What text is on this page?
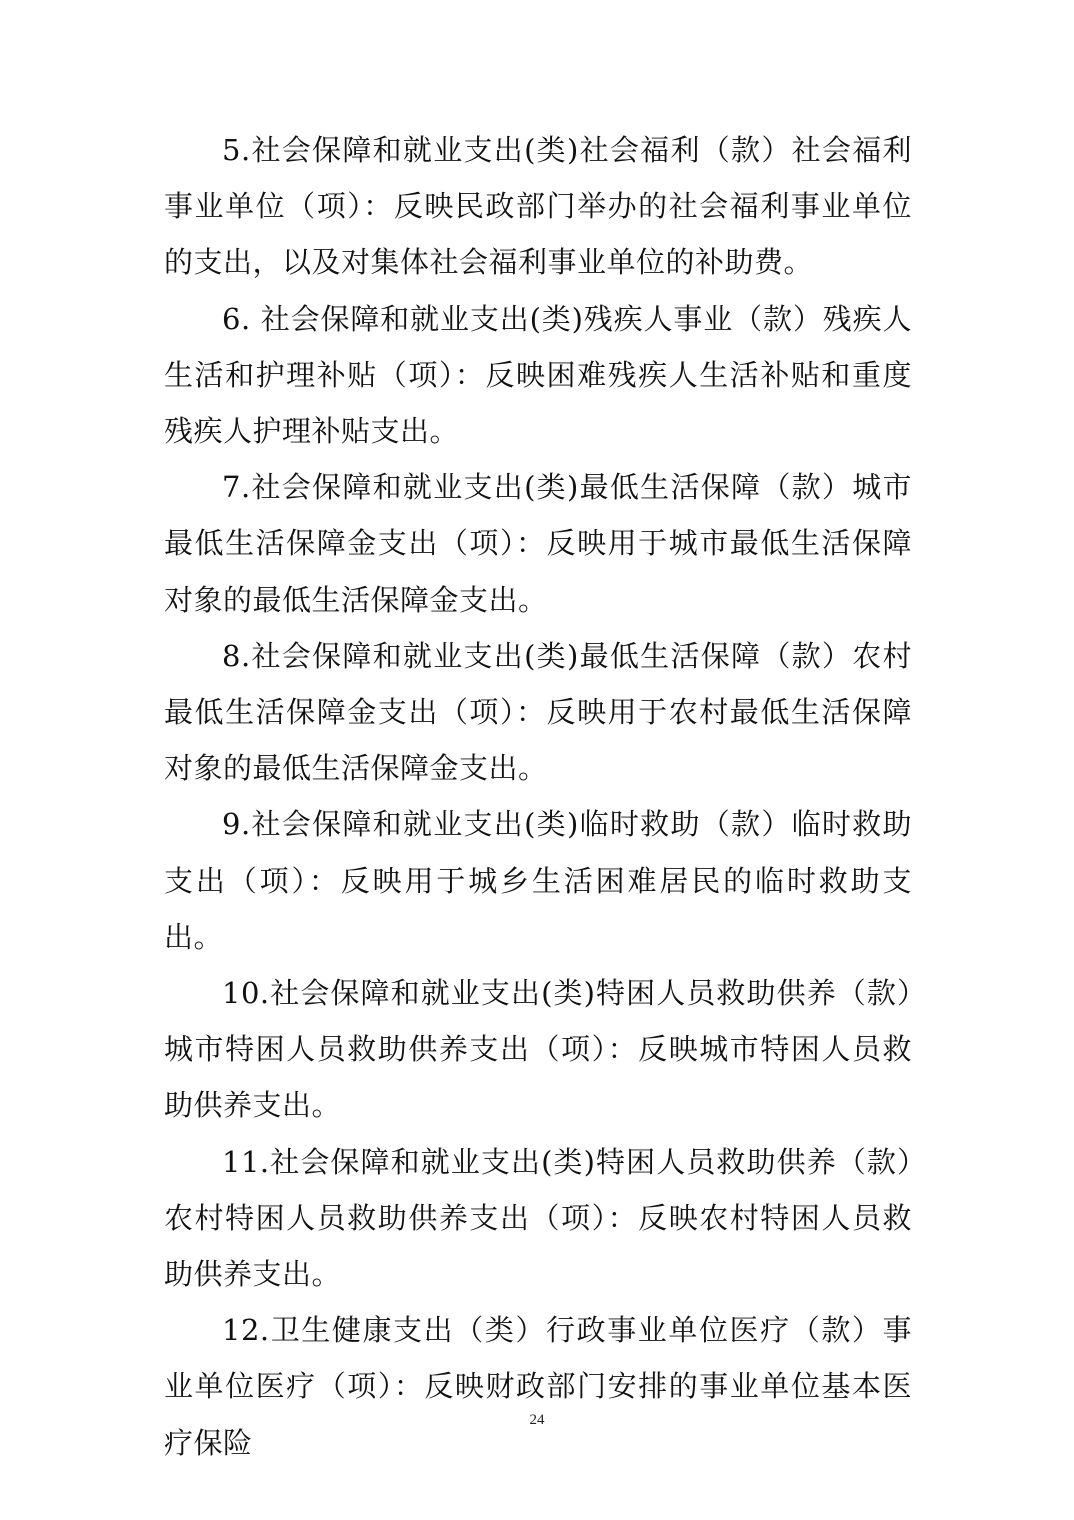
5.社会保障和就业支出(类)社会福利（款）社会福利事业单位（项）：反映民政部门举办的社会福利事业单位的支出，以及对集体社会福利事业单位的补助费。

6. 社会保障和就业支出(类)残疾人事业（款）残疾人生活和护理补贴（项）：反映困难残疾人生活补贴和重度残疾人护理补贴支出。

7.社会保障和就业支出(类)最低生活保障（款）城市最低生活保障金支出（项）：反映用于城市最低生活保障对象的最低生活保障金支出。

8.社会保障和就业支出(类)最低生活保障（款）农村最低生活保障金支出（项）：反映用于农村最低生活保障对象的最低生活保障金支出。

9.社会保障和就业支出(类)临时救助（款）临时救助支出（项）：反映用于城乡生活困难居民的临时救助支出。

10.社会保障和就业支出(类)特困人员救助供养（款）城市特困人员救助供养支出（项）：反映城市特困人员救助供养支出。

11.社会保障和就业支出(类)特困人员救助供养（款）农村特困人员救助供养支出（项）：反映农村特困人员救助供养支出。

12.卫生健康支出（类）行政事业单位医疗（款）事业单位医疗（项）：反映财政部门安排的事业单位基本医疗保险

24
